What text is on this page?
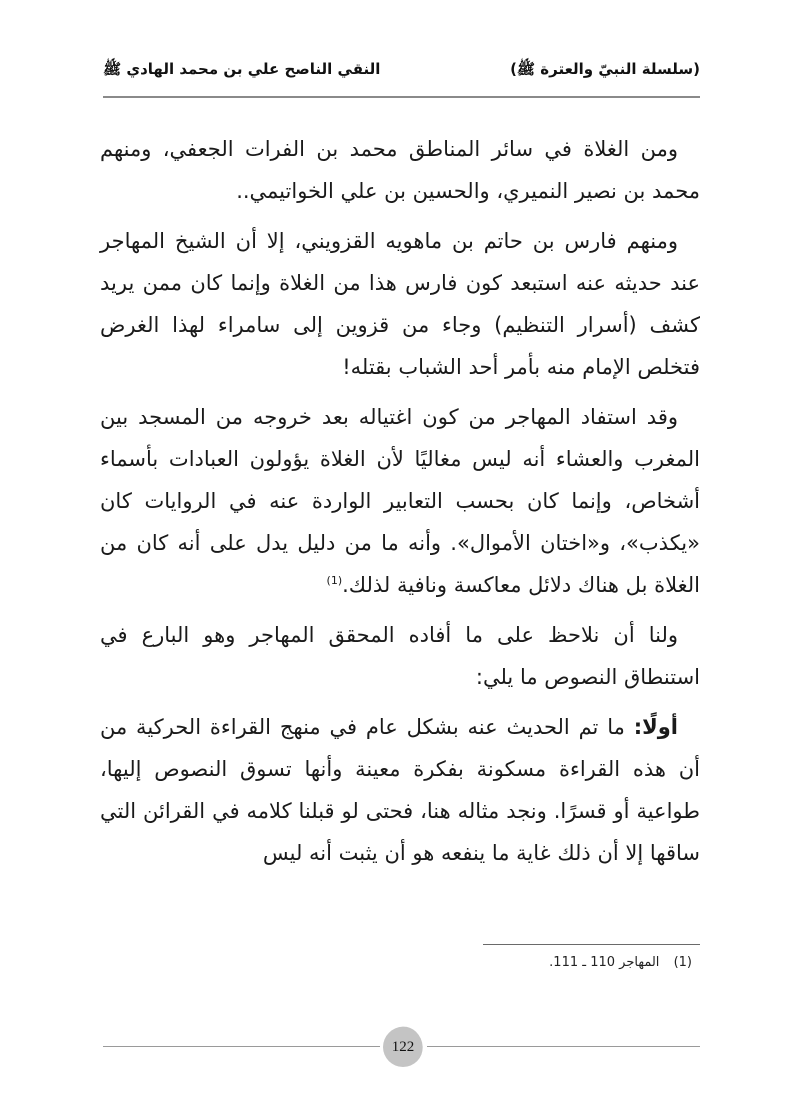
(سلسلة النبيّ والعترة ﷺ)
النقي الناصح علي بن محمد الهادي ﷺ

ومن الغلاة في سائر المناطق محمد بن الفرات الجعفي، ومنهم محمد بن نصير النميري، والحسين بن علي الخواتيمي..

ومنهم فارس بن حاتم بن ماهويه القزويني، إلا أن الشيخ المهاجر عند حديثه عنه استبعد كون فارس هذا من الغلاة وإنما كان ممن يريد كشف (أسرار التنظيم) وجاء من قزوين إلى سامراء لهذا الغرض فتخلص الإمام منه بأمر أحد الشباب بقتله!

وقد استفاد المهاجر من كون اغتياله بعد خروجه من المسجد بين المغرب والعشاء أنه ليس مغاليًا لأن الغلاة يؤولون العبادات بأسماء أشخاص، وإنما كان بحسب التعابير الواردة عنه في الروايات كان «يكذب»، و«اختان الأموال». وأنه ما من دليل يدل على أنه كان من الغلاة بل هناك دلائل معاكسة ونافية لذلك.$^{(1)}$

ولنا أن نلاحظ على ما أفاده المحقق المهاجر وهو البارع في استنطاق النصوص ما يلي:

أولًا: ما تم الحديث عنه بشكل عام في منهج القراءة الحركية من أن هذه القراءة مسكونة بفكرة معينة وأنها تسوق النصوص إليها، طواعية أو قسرًا. ونجد مثاله هنا، فحتى لو قبلنا كلامه في القرائن التي ساقها إلا أن ذلك غاية ما ينفعه هو أن يثبت أنه ليس

(1) المهاجر 110 ـ 111.
122
